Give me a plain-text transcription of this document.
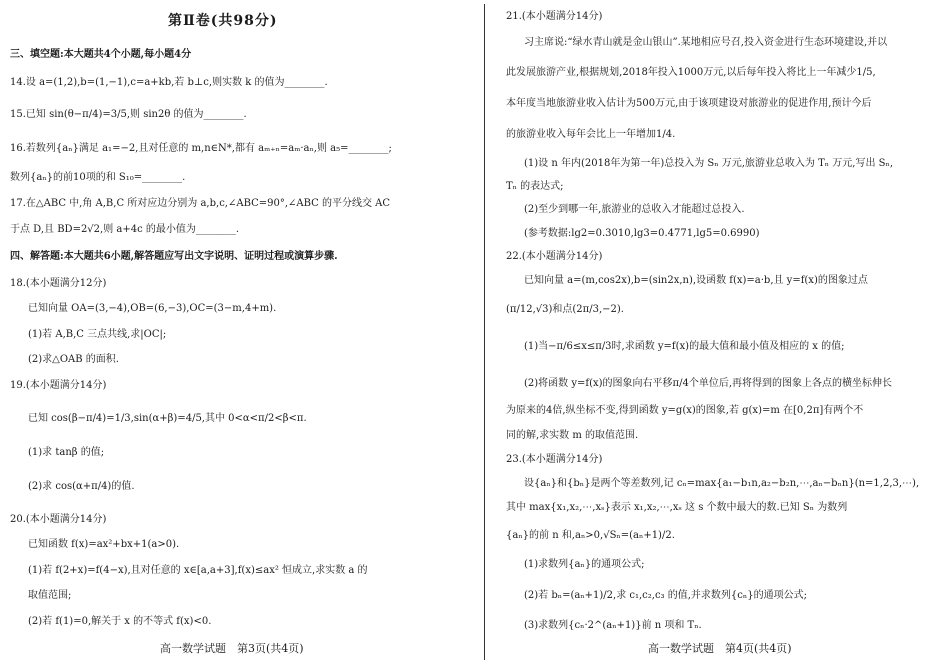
第Ⅱ卷(共98分)
三、填空题:本大题共4个小题,每小题4分
14.设 a=(1,2),b=(1,−1),c=a+kb,若 b⊥c,则实数 k 的值为________.
15.已知 sin(θ−π/4)=3/5,则 sin2θ 的值为________.
16.若数列{aₙ}满足 a₁=−2,且对任意的 m,n∈N*,都有 aₘ₊ₙ=aₘ·aₙ,则 a₅=________;
数列{aₙ}的前10项的和 S₁₀=________.
17.在△ABC 中,角 A,B,C 所对应边分别为 a,b,c,∠ABC=90°,∠ABC 的平分线交 AC
于点 D,且 BD=2√2,则 a+4c 的最小值为________.
四、解答题:本大题共6小题,解答题应写出文字说明、证明过程或演算步骤.
18.(本小题满分12分)
已知向量 OA=(3,−4),OB=(6,−3),OC=(3−m,4+m).
(1)若 A,B,C 三点共线,求|OC|;
(2)求△OAB 的面积.
19.(本小题满分14分)
已知 cos(β−π/4)=1/3,sin(α+β)=4/5,其中 0<α<π/2<β<π.
(1)求 tanβ 的值;
(2)求 cos(α+π/4)的值.
20.(本小题满分14分)
已知函数 f(x)=ax²+bx+1(a>0).
(1)若 f(2+x)=f(4−x),且对任意的 x∈[a,a+3],f(x)≤ax² 恒成立,求实数 a 的
取值范围;
(2)若 f(1)=0,解关于 x 的不等式 f(x)<0.
高一数学试题　第3页(共4页)
21.(本小题满分14分)
习主席说:“绿水青山就是金山银山”.某地相应号召,投入资金进行生态环境建设,并以
此发展旅游产业,根据规划,2018年投入1000万元,以后每年投入将比上一年减少1/5,
本年度当地旅游业收入估计为500万元,由于该项建设对旅游业的促进作用,预计今后
的旅游业收入每年会比上一年增加1/4.
(1)设 n 年内(2018年为第一年)总投入为 Sₙ 万元,旅游业总收入为 Tₙ 万元,写出 Sₙ,
Tₙ 的表达式;
(2)至少到哪一年,旅游业的总收入才能超过总投入.
(参考数据:lg2=0.3010,lg3=0.4771,lg5=0.6990)
22.(本小题满分14分)
已知向量 a=(m,cos2x),b=(sin2x,n),设函数 f(x)=a·b,且 y=f(x)的图象过点
(π/12,√3)和点(2π/3,−2).
(1)当−π/6≤x≤π/3时,求函数 y=f(x)的最大值和最小值及相应的 x 的值;
(2)将函数 y=f(x)的图象向右平移π/4个单位后,再将得到的图象上各点的横坐标伸长
为原来的4倍,纵坐标不变,得到函数 y=g(x)的图象,若 g(x)=m 在[0,2π]有两个不
同的解,求实数 m 的取值范围.
23.(本小题满分14分)
设{aₙ}和{bₙ}是两个等差数列,记 cₙ=max{a₁−b₁n,a₂−b₂n,⋯,aₙ−bₙn}(n=1,2,3,⋯),
其中 max{x₁,x₂,⋯,xₛ}表示 x₁,x₂,⋯,xₛ 这 s 个数中最大的数.已知 Sₙ 为数列
{aₙ}的前 n 和,aₙ>0,√Sₙ=(aₙ+1)/2.
(1)求数列{aₙ}的通项公式;
(2)若 bₙ=(aₙ+1)/2,求 c₁,c₂,c₃ 的值,并求数列{cₙ}的通项公式;
(3)求数列{cₙ·2^(aₙ+1)}前 n 项和 Tₙ.
高一数学试题　第4页(共4页)
